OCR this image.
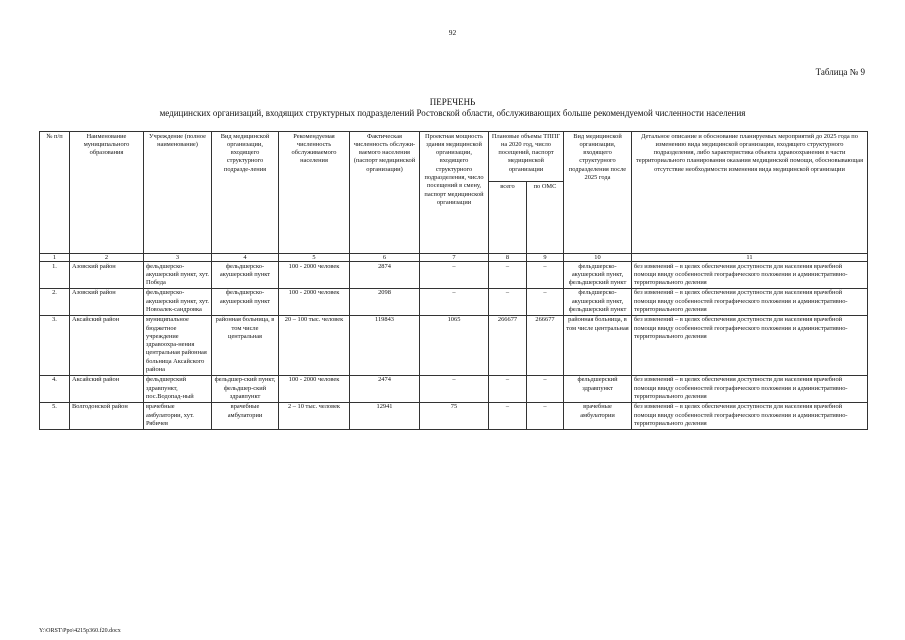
92
Таблица № 9
ПЕРЕЧЕНЬ
медицинских организаций, входящих структурных подразделений Ростовской области, обслуживающих больше рекомендуемой численности населения
№ п/п	Наименование муниципального образования	Учреждение (полное наименование)	Вид медицинской организации, входящего структурного подразде-ления	Рекомендуемая численность обслуживаемого населения	Фактическая численность обслужи-ваемого населения (паспорт медицинской организации)	Проектная мощность здания медицинской организации, входящего структурного подразделения, число посещений в смену, паспорт медицинской организации	Плановые объемы ТППГ на 2020 год, число посещений, паспорт медицинской организации		Вид медицинской организации, входящего структурного подразделения после 2025 года	Детальное описание и обоснование планируемых мероприятий до 2025 года по изменению вида медицинской организации, входящего структурного подразделения, либо характеристика объекта здравоохранения в части территориального планирования оказания медицинской помощи, обосновывающая отсутствие необходимости изменения вида медицинской организации
							всего	по ОМС		
1	2	3	4	5	6	7	8	9	10	11
1.	Азовский район	фельдшерско-акушерский пункт, хут. Победа	фельдшерско-акушерский пункт	100 - 2000 человек	2874	–	–	–	фельдшерско-акушерский пункт, фельдшерский пункт	без изменений – в целях обеспечения доступности для населения врачебной помощи ввиду особенностей географического положения и административно-территориального деления
2.	Азовский район	фельдшерско-акушерский пункт, хут. Новоалек-сандровка	фельдшерско-акушерский пункт	100 - 2000 человек	2098	–	–	–	фельдшерско-акушерский пункт, фельдшерский пункт	без изменений – в целях обеспечения доступности для населения врачебной помощи ввиду особенностей географического положения и административно-территориального деления
3.	Аксайский район	муниципальное бюджетное учреждение здравоохра-нения центральная районная больница Аксайского района	районная больница, в том числе центральная	20 – 100 тыс. человек	119843	1065	266677	266677	районная больница, в том числе центральная	без изменений – в целях обеспечения доступности для населения врачебной помощи ввиду особенностей географического положения и административно-территориального деления
4.	Аксайский район	фельдшерский здравпункт, пос.Водопад-ный	фельдшер-ский пункт, фельдшер-ский здравпункт	100 - 2000 человек	2474	–	–	–	фельдшерский здравпункт	без изменений – в целях обеспечения доступности для населения врачебной помощи ввиду особенностей географического положения и административно-территориального деления
5.	Волгодонской район	врачебные амбулатории, хут. Рябичев	врачебные амбулатории	2 – 10 тыс. человек	12941	75	–	–	врачебные амбулатории	без изменений – в целях обеспечения доступности для населения врачебной помощи ввиду особенностей географического положения и административно-территориального деления
Y:\ORST\Ppo\4215p360.f20.docx
